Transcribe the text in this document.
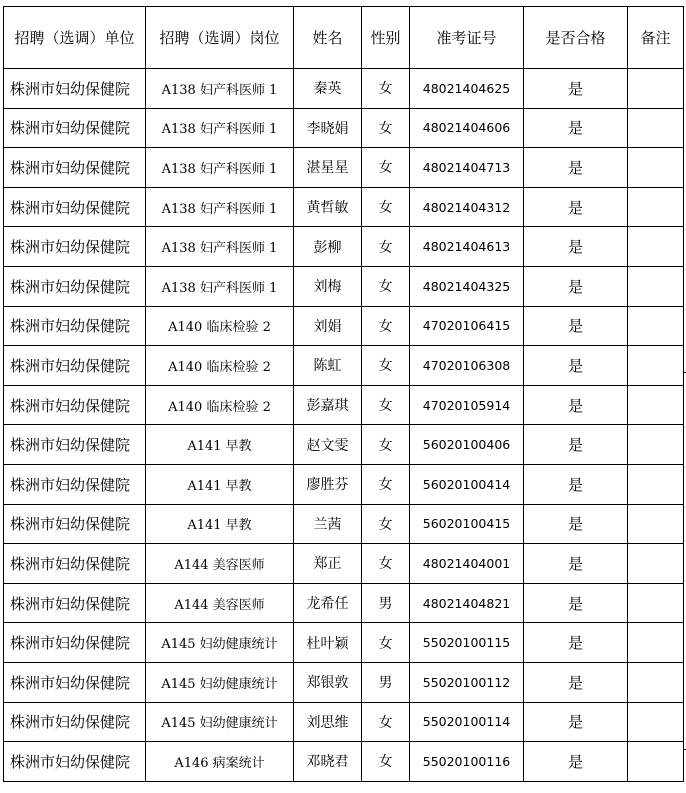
招聘（选调）单位	招聘（选调）岗位	姓名	性别	准考证号	是否合格	备注
株洲市妇幼保健院	A138 妇产科医师 1	秦英	女	48021404625	是	
株洲市妇幼保健院	A138 妇产科医师 1	李晓娟	女	48021404606	是	
株洲市妇幼保健院	A138 妇产科医师 1	湛星星	女	48021404713	是	
株洲市妇幼保健院	A138 妇产科医师 1	黄哲敏	女	48021404312	是	
株洲市妇幼保健院	A138 妇产科医师 1	彭柳	女	48021404613	是	
株洲市妇幼保健院	A138 妇产科医师 1	刘梅	女	48021404325	是	
株洲市妇幼保健院	A140 临床检验 2	刘娟	女	47020106415	是	
株洲市妇幼保健院	A140 临床检验 2	陈虹	女	47020106308	是	
株洲市妇幼保健院	A140 临床检验 2	彭嘉琪	女	47020105914	是	
株洲市妇幼保健院	A141 早教	赵文雯	女	56020100406	是	
株洲市妇幼保健院	A141 早教	廖胜芬	女	56020100414	是	
株洲市妇幼保健院	A141 早教	兰茜	女	56020100415	是	
株洲市妇幼保健院	A144 美容医师	郑正	女	48021404001	是	
株洲市妇幼保健院	A144 美容医师	龙希任	男	48021404821	是	
株洲市妇幼保健院	A145 妇幼健康统计	杜叶颖	女	55020100115	是	
株洲市妇幼保健院	A145 妇幼健康统计	郑银敦	男	55020100112	是	
株洲市妇幼保健院	A145 妇幼健康统计	刘思维	女	55020100114	是	
株洲市妇幼保健院	A146 病案统计	邓晓君	女	55020100116	是	
